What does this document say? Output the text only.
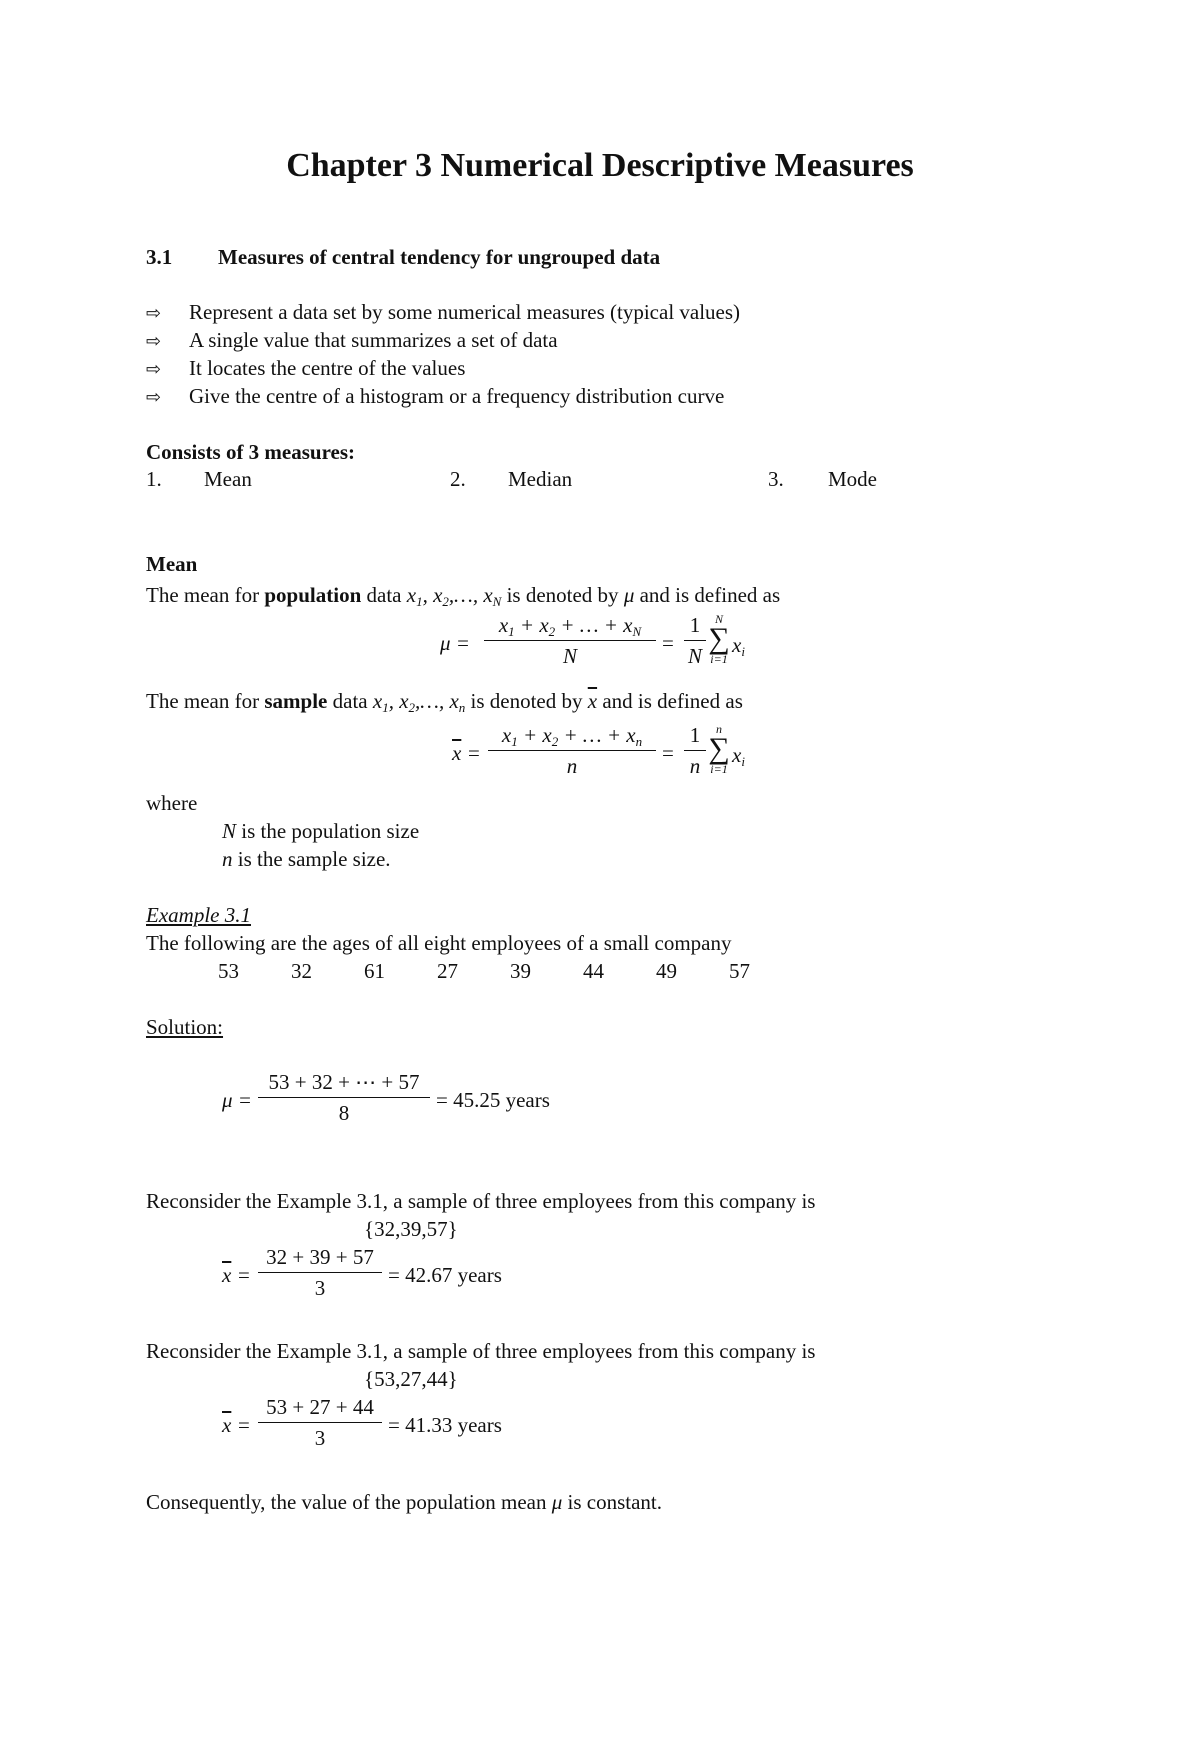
Chapter 3 Numerical Descriptive Measures
3.1 Measures of central tendency for ungrouped data
⇨ Represent a data set by some numerical measures (typical values)
⇨ A single value that summarizes a set of data
⇨ It locates the centre of the values
⇨ Give the centre of a histogram or a frequency distribution curve
Consists of 3 measures:
1. Mean	2. Median	3. Mode
Mean
The mean for population data $x_1$, $x_2,\dots$, $x_N$ is denoted by μ and is defined as
μ =
$x_1 + x_2$ + … + $x_N$
N
=
1
N
N
∑
i=1
$x_i$
The mean for sample data $x_1$, $x_2,\dots$, $x_n$ is denoted by $\overline{x}$ and is defined as
$\overline{x}$ =
$x_1 + x_2$ + … + $x_n$
n
=
1
n
n
∑
i=1
$x_i$
where
N is the population size
n is the sample size.
Example 3.1
The following are the ages of all eight employees of a small company
53 32 61 27 39 44 49 57
Solution:
μ =
53 + 32 + ⋯ + 57
8
= 45.25 years
Reconsider the Example 3.1, a sample of three employees from this company is
{32,39,57}
$\overline{x}$ =
32 + 39 + 57
3
= 42.67 years
Reconsider the Example 3.1, a sample of three employees from this company is
{53,27,44}
$\overline{x}$ =
53 + 27 + 44
3
= 41.33 years
Consequently, the value of the population mean μ is constant.
